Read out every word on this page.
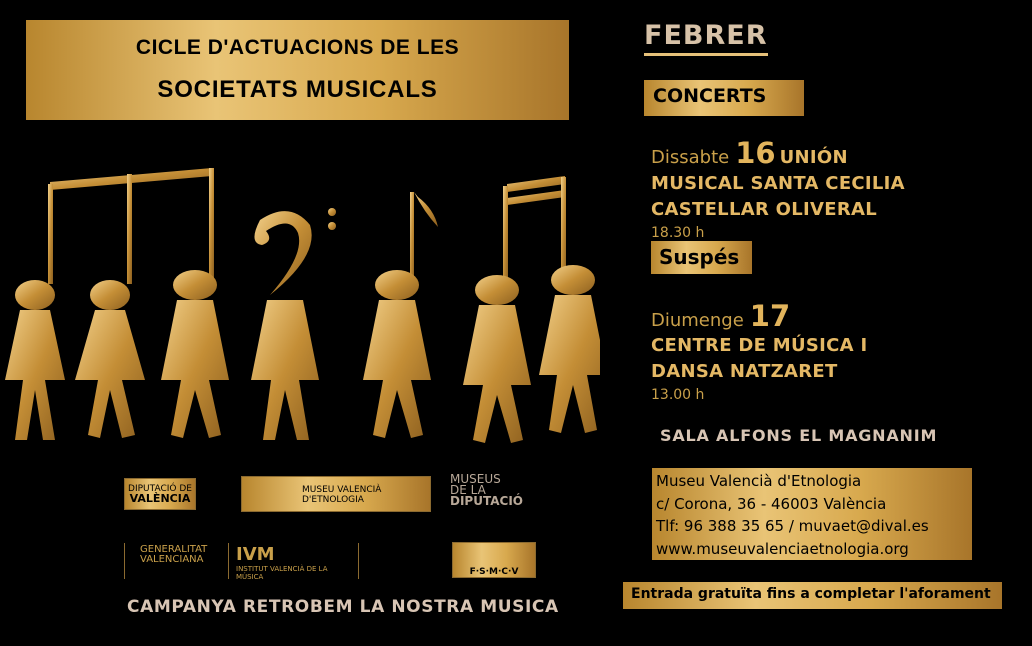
CICLE D'ACTUACIONS DE LES
SOCIETATS MUSICALS
DIPUTACIÓ DE
VALÈNCIA
MUSEU VALENCIÀ
D'ETNOLOGIA
MUSEUS
DE LA
DIPUTACIÓ
GENERALITAT
VALENCIANA	IVM
INSTITUT VALENCIÀ DE LA MÚSICA	F·S·M·C·V
CAMPANYA RETROBEM LA NOSTRA MUSICA
FEBRER
CONCERTS
Dissabte 16 UNIÓN
MUSICAL SANTA CECILIA
CASTELLAR OLIVERAL
18.30 h
Suspés
Diumenge 17
CENTRE DE MÚSICA I
DANSA NATZARET
13.00 h
SALA ALFONS EL MAGNANIM
Museu Valencià d'Etnologia
c/ Corona, 36 - 46003 València
Tlf: 96 388 35 65 / muvaet@dival.es
www.museuvalenciaetnologia.org
Entrada gratuïta fins a completar l'aforament
